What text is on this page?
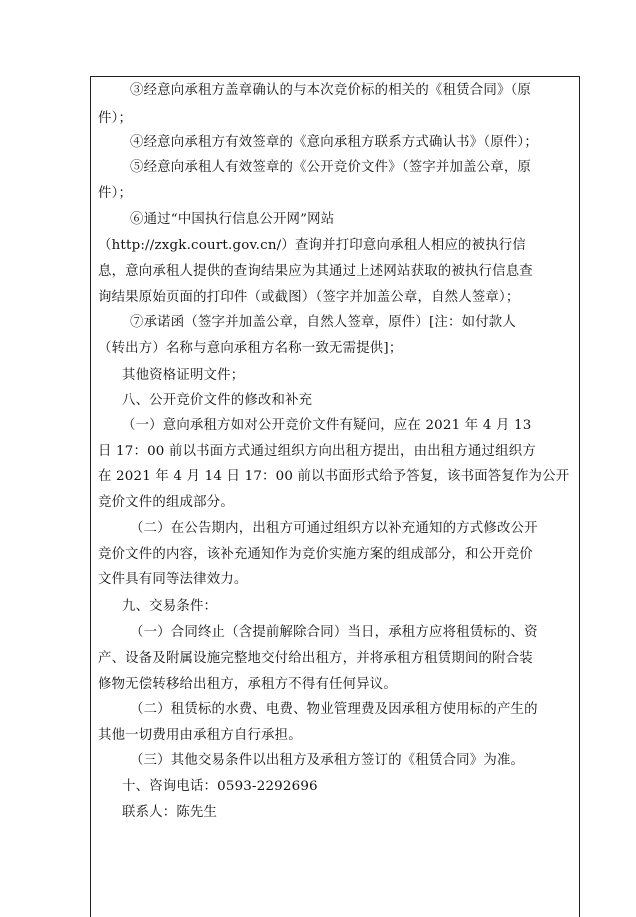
③经意向承租方盖章确认的与本次竞价标的相关的《租赁合同》（原
件）；
④经意向承租方有效签章的《意向承租方联系方式确认书》（原件）；
⑤经意向承租人有效签章的《公开竞价文件》（签字并加盖公章，原
件）；
⑥通过“中国执行信息公开网”网站
（http://zxgk.court.gov.cn/）查询并打印意向承租人相应的被执行信
息，意向承租人提供的查询结果应为其通过上述网站获取的被执行信息查
询结果原始页面的打印件（或截图）（签字并加盖公章，自然人签章）；
⑦承诺函（签字并加盖公章，自然人签章，原件）[注：如付款人
（转出方）名称与意向承租方名称一致无需提供]；
其他资格证明文件；
八、公开竞价文件的修改和补充
（一）意向承租方如对公开竞价文件有疑问，应在 2021 年 4 月 13
日 17：00 前以书面方式通过组织方向出租方提出，由出租方通过组织方
在 2021 年 4 月 14 日 17：00 前以书面形式给予答复，该书面答复作为公开
竞价文件的组成部分。
（二）在公告期内，出租方可通过组织方以补充通知的方式修改公开
竞价文件的内容，该补充通知作为竞价实施方案的组成部分，和公开竞价
文件具有同等法律效力。
九、交易条件：
（一）合同终止（含提前解除合同）当日，承租方应将租赁标的、资
产、设备及附属设施完整地交付给出租方，并将承租方租赁期间的附合装
修物无偿转移给出租方，承租方不得有任何异议。
（二）租赁标的水费、电费、物业管理费及因承租方使用标的产生的
其他一切费用由承租方自行承担。
（三）其他交易条件以出租方及承租方签订的《租赁合同》为准。
十、咨询电话：0593-2292696
联系人：陈先生
